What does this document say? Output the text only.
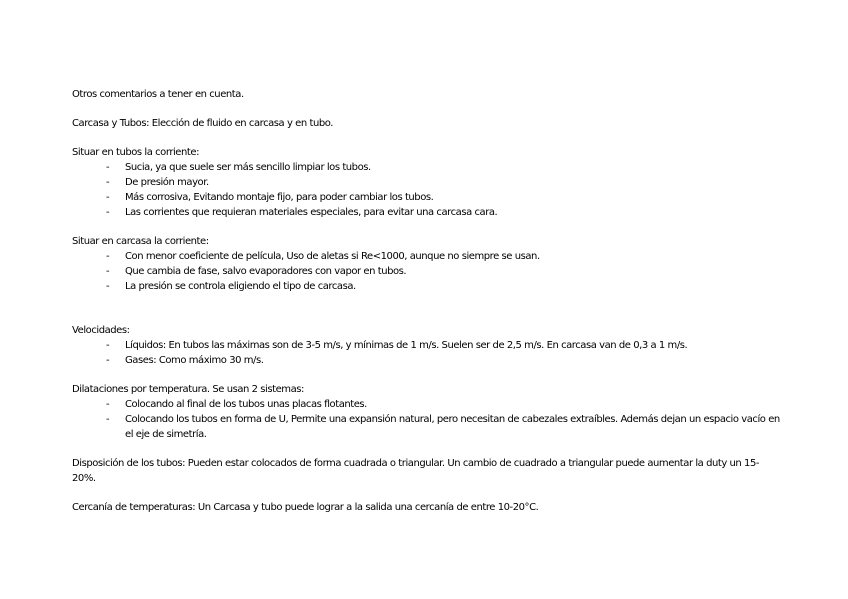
Otros comentarios a tener en cuenta.

Carcasa y Tubos: Elección de fluido en carcasa y en tubo.

Situar en tubos la corriente:

- Sucia, ya que suele ser más sencillo limpiar los tubos.
- De presión mayor.
- Más corrosiva, Evitando montaje fijo, para poder cambiar los tubos.
- Las corrientes que requieran materiales especiales, para evitar una carcasa cara.

Situar en carcasa la corriente:

- Con menor coeficiente de película, Uso de aletas si Re<1000, aunque no siempre se usan.
- Que cambia de fase, salvo evaporadores con vapor en tubos.
- La presión se controla eligiendo el tipo de carcasa.

Velocidades:

- Líquidos: En tubos las máximas son de 3-5 m/s, y mínimas de 1 m/s. Suelen ser de 2,5 m/s. En carcasa van de 0,3 a 1 m/s.
- Gases: Como máximo 30 m/s.

Dilataciones por temperatura. Se usan 2 sistemas:

- Colocando al final de los tubos unas placas flotantes.
- Colocando los tubos en forma de U, Permite una expansión natural, pero necesitan de cabezales extraíbles. Además dejan un espacio vacío en el eje de simetría.

Disposición de los tubos: Pueden estar colocados de forma cuadrada o triangular. Un cambio de cuadrado a triangular puede aumentar la duty un 15-20%.

Cercanía de temperaturas: Un Carcasa y tubo puede lograr a la salida una cercanía de entre 10-20°C.
